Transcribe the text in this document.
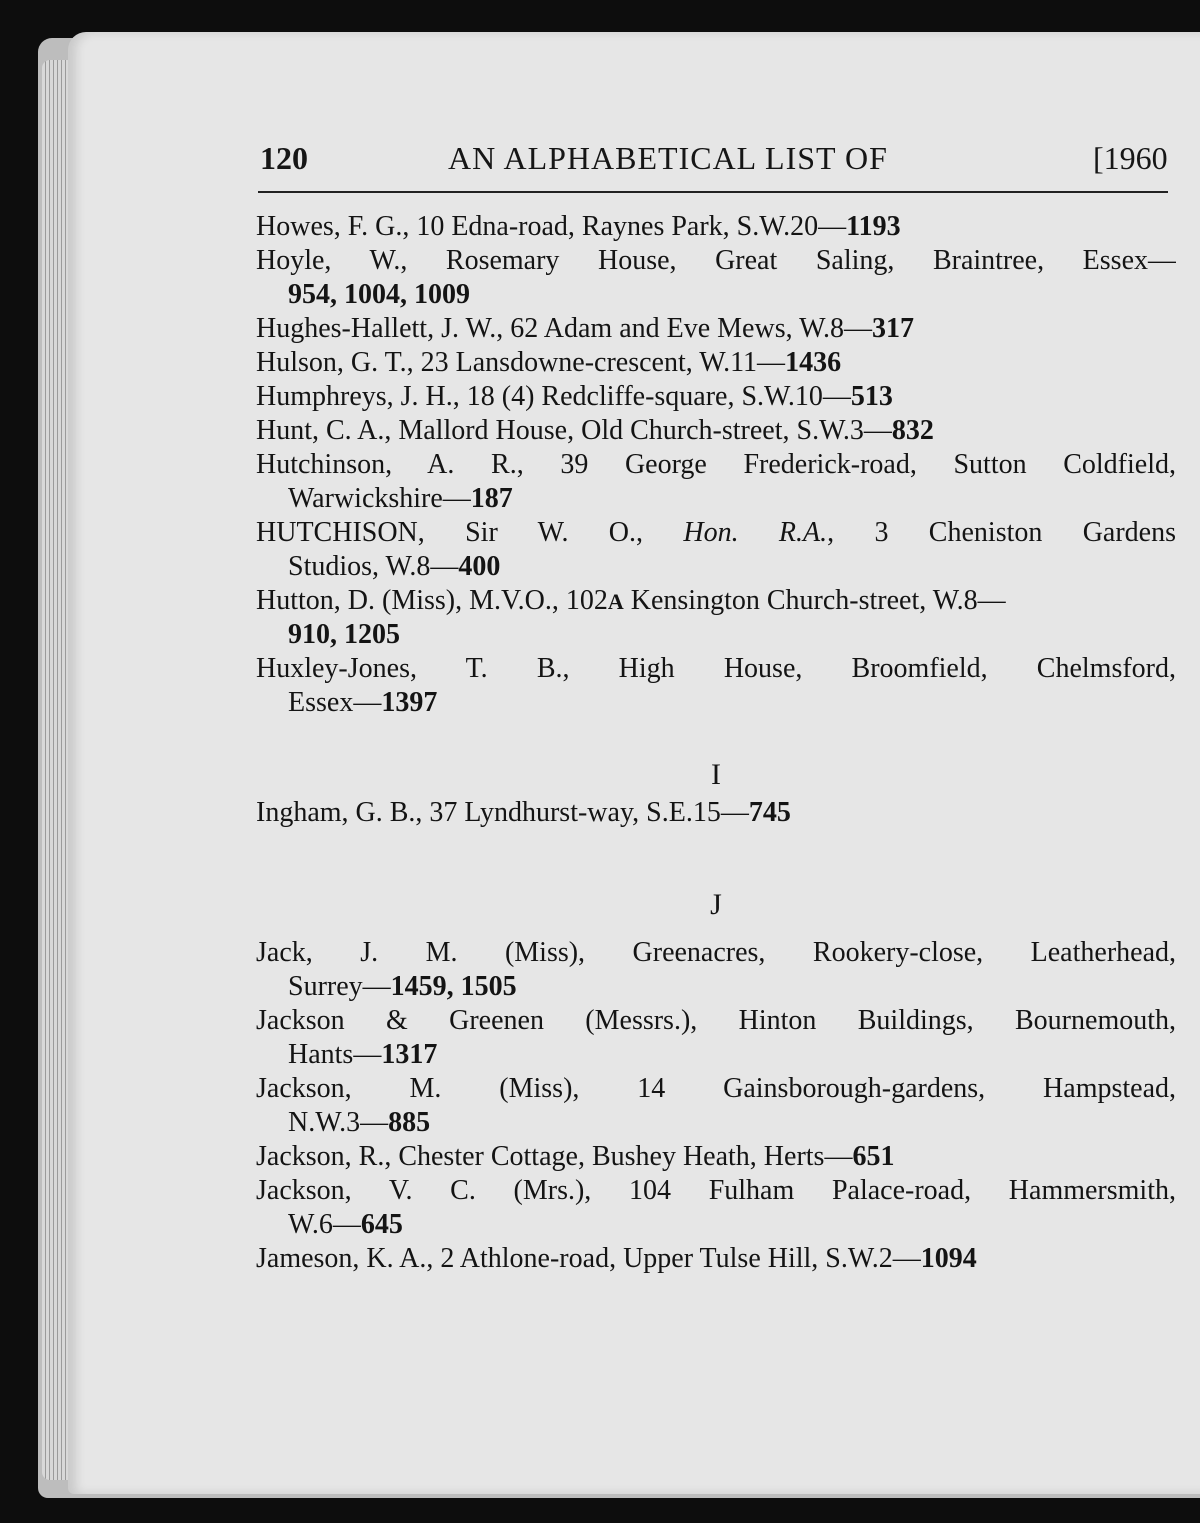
120	AN ALPHABETICAL LIST OF	[1960
Howes, F. G., 10 Edna-road, Raynes Park, S.W.20—1193
Hoyle, W., Rosemary House, Great Saling, Braintree, Essex—
954, 1004, 1009
Hughes-Hallett, J. W., 62 Adam and Eve Mews, W.8—317
Hulson, G. T., 23 Lansdowne-crescent, W.11—1436
Humphreys, J. H., 18 (4) Redcliffe-square, S.W.10—513
Hunt, C. A., Mallord House, Old Church-street, S.W.3—832
Hutchinson, A. R., 39 George Frederick-road, Sutton Coldfield,
Warwickshire—187
HUTCHISON, Sir W. O., Hon. R.A., 3 Cheniston Gardens
Studios, W.8—400
Hutton, D. (Miss), M.V.O., 102A Kensington Church-street, W.8—
910, 1205
Huxley-Jones, T. B., High House, Broomfield, Chelmsford,
Essex—1397
I
Ingham, G. B., 37 Lyndhurst-way, S.E.15—745
J
Jack, J. M. (Miss), Greenacres, Rookery-close, Leatherhead,
Surrey—1459, 1505
Jackson & Greenen (Messrs.), Hinton Buildings, Bournemouth,
Hants—1317
Jackson, M. (Miss), 14 Gainsborough-gardens, Hampstead,
N.W.3—885
Jackson, R., Chester Cottage, Bushey Heath, Herts—651
Jackson, V. C. (Mrs.), 104 Fulham Palace-road, Hammersmith,
W.6—645
Jameson, K. A., 2 Athlone-road, Upper Tulse Hill, S.W.2—1094
